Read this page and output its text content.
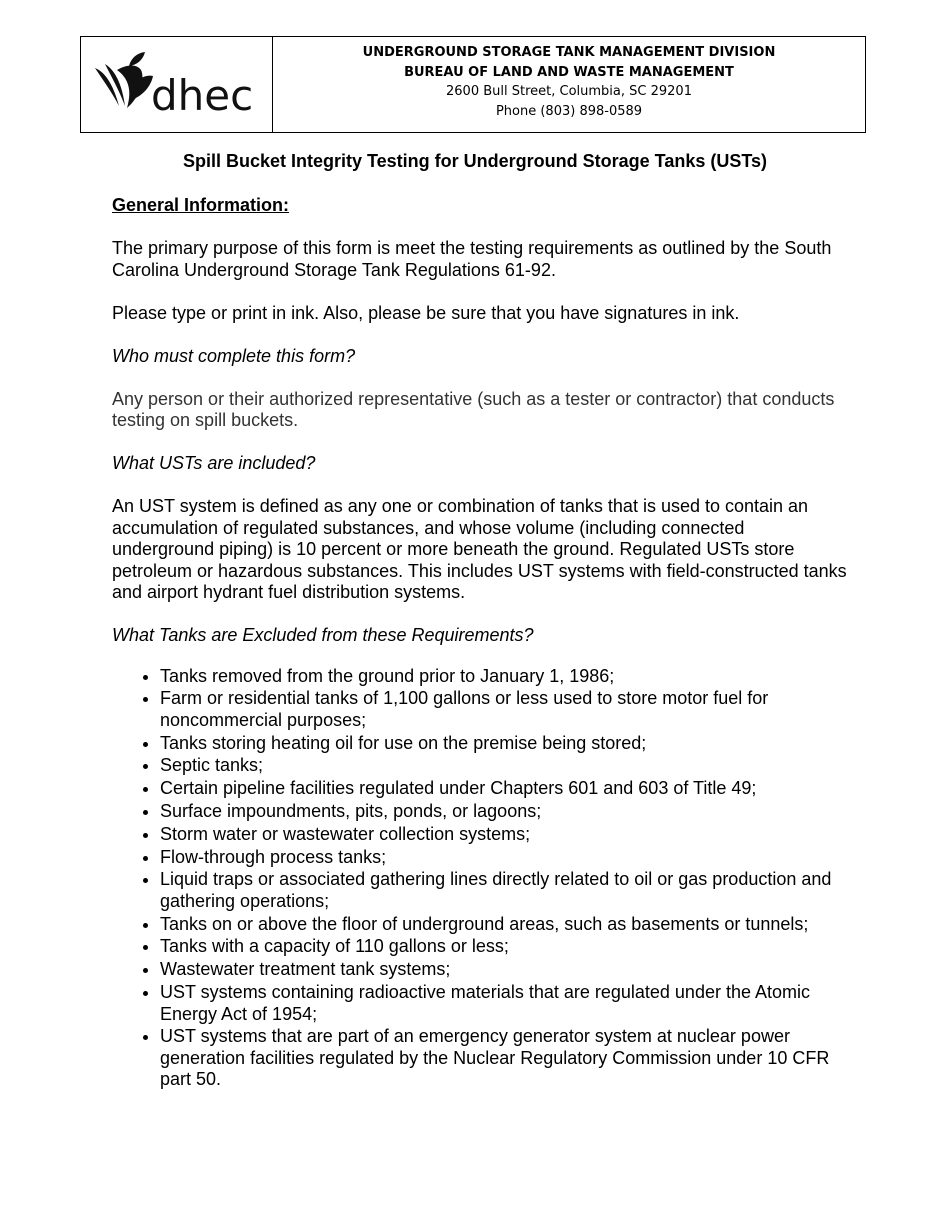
dhec
UNDERGROUND STORAGE TANK MANAGEMENT DIVISION
BUREAU OF LAND AND WASTE MANAGEMENT
2600 Bull Street, Columbia, SC 29201
Phone (803) 898-0589
Spill Bucket Integrity Testing for Underground Storage Tanks (USTs)

General Information:

The primary purpose of this form is meet the testing requirements as outlined by the South Carolina Underground Storage Tank Regulations 61-92.

Please type or print in ink. Also, please be sure that you have signatures in ink.

Who must complete this form?

Any person or their authorized representative (such as a tester or contractor) that conducts testing on spill buckets.

What USTs are included?

An UST system is defined as any one or combination of tanks that is used to contain an accumulation of regulated substances, and whose volume (including connected underground piping) is 10 percent or more beneath the ground. Regulated USTs store petroleum or hazardous substances. This includes UST systems with field-constructed tanks and airport hydrant fuel distribution systems.

What Tanks are Excluded from these Requirements?

• Tanks removed from the ground prior to January 1, 1986;
• Farm or residential tanks of 1,100 gallons or less used to store motor fuel for noncommercial purposes;
• Tanks storing heating oil for use on the premise being stored;
• Septic tanks;
• Certain pipeline facilities regulated under Chapters 601 and 603 of Title 49;
• Surface impoundments, pits, ponds, or lagoons;
• Storm water or wastewater collection systems;
• Flow-through process tanks;
• Liquid traps or associated gathering lines directly related to oil or gas production and gathering operations;
• Tanks on or above the floor of underground areas, such as basements or tunnels;
• Tanks with a capacity of 110 gallons or less;
• Wastewater treatment tank systems;
• UST systems containing radioactive materials that are regulated under the Atomic Energy Act of 1954;
• UST systems that are part of an emergency generator system at nuclear power generation facilities regulated by the Nuclear Regulatory Commission under 10 CFR part 50.
